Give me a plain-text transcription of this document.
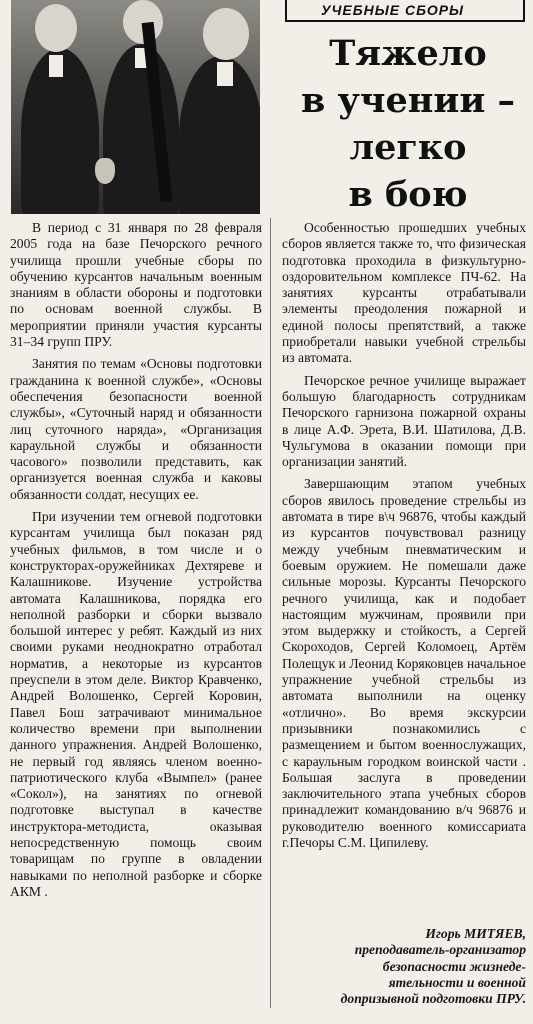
УЧЕБНЫЕ СБОРЫ
Тяжело
в учении –
легко
в бою

В период с 31 января по 28 февраля 2005 года на базе Печорского речного училища прошли учебные сборы по обучению курсантов начальным военным знаниям в области обороны и подготовки по основам военной службы. В мероприятии приняли участия курсанты 31–34 групп ПРУ.

Занятия по темам «Основы подготовки гражданина к военной службе», «Основы обеспечения безопасности военной службы», «Суточный наряд и обязанности лиц суточного наряда», «Организация караульной службы и обязанности часового» позволили представить, как организуется военная служба и каковы обязанности солдат, несущих ее.

При изучении тем огневой подготовки курсантам училища был показан ряд учебных фильмов, в том числе и о конструкторах-оружейниках Дехтяреве и Калашникове. Изучение устройства автомата Калашникова, порядка его неполной разборки и сборки вызвало большой интерес у ребят. Каждый из них своими руками неоднократно отработал норматив, а некоторые из курсантов преуспели в этом деле. Виктор Кравченко, Андрей Волошенко, Сергей Коровин, Павел Бош затрачивают минимальное количество времени при выполнении данного упражнения. Андрей Волошенко, не первый год являясь членом военно-патриотического клуба «Вымпел» (ранее «Сокол»), на занятиях по огневой подготовке выступал в качестве инструктора-методиста, оказывая непосредственную помощь своим товарищам по группе в овладении навыками по неполной разборке и сборке АКМ .

Особенностью прошедших учебных сборов является также то, что физическая подготовка проходила в физкультурно-оздоровительном комплексе ПЧ-62. На занятиях курсанты отрабатывали элементы преодоления пожарной и единой полосы препятствий, а также приобретали навыки учебной стрельбы из автомата.

Печорское речное училище выражает большую благодарность сотрудникам Печорского гарнизона пожарной охраны в лице А.Ф. Эрета, В.И. Шатилова, Д.В. Чульгумова в оказании помощи при организации занятий.

Завершающим этапом учебных сборов явилось проведение стрельбы из автомата в тире в\ч 96876, чтобы каждый из курсантов почувствовал разницу между учебным пневматическим и боевым оружием. Не помешали даже сильные морозы. Курсанты Печорского речного училища, как и подобает настоящим мужчинам, проявили при этом выдержку и стойкость, а Сергей Скороходов, Сергей Коломоец, Артём Полещук и Леонид Коряковцев начальное упражнение учебной стрельбы из автомата выполнили на оценку «отлично». Во время экскурсии призывники познакомились с размещением и бытом военнослужащих, с караульным городком воинской части . Большая заслуга в проведении заключительного этапа учебных сборов принадлежит командованию в/ч 96876 и руководителю военного комиссариата г.Печоры С.М. Ципилеву.

Игорь МИТЯЕВ,
преподаватель-организатор
безопасности жизнеде-
ятельности и военной
допризывной подготовки ПРУ.
